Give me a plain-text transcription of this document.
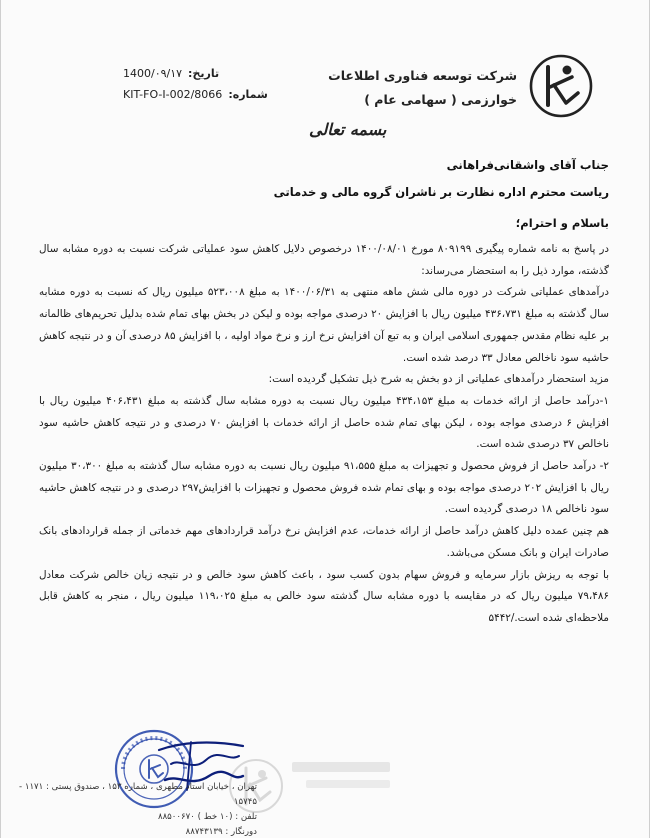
شرکت توسعه فناوری اطلاعات
خوارزمی ( سهامی عام )
تاریخ:
1400/۰۹/۱۷
شماره:
KIT-FO-I-002/8066
بسمه تعالی
جناب آقای واشقانی‌فراهانی
ریاست محترم اداره نظارت بر ناشران گروه مالی و خدماتی
باسلام و احترام؛

در پاسخ به نامه شماره پیگیری ۸۰۹۱۹۹ مورخ ۱۴۰۰/۰۸/۰۱ درخصوص دلایل کاهش سود عملیاتی شرکت نسبت به دوره مشابه سال گذشته، موارد ذیل را به استحضار می‌رساند:

درآمدهای عملیاتی شرکت در دوره مالی شش ماهه منتهی به ۱۴۰۰/۰۶/۳۱ به مبلغ ۵۲۳،۰۰۸ میلیون ریال که نسبت به دوره مشابه سال گذشته به مبلغ ۴۳۶،۷۳۱ میلیون ریال با افزایش ۲۰ درصدی مواجه بوده و لیکن در بخش بهای تمام شده بدلیل تحریم‌های ظالمانه بر علیه نظام مقدس جمهوری اسلامی ایران و به تبع آن افزایش نرخ ارز و نرخ مواد اولیه ، با افزایش ۸۵ درصدی آن و در نتیجه کاهش حاشیه سود ناخالص معادل ۳۳ درصد شده است.

مزید استحضار درآمدهای عملیاتی از دو بخش به شرح ذیل تشکیل گردیده است:

۱-درآمد حاصل از ارائه خدمات به مبلغ ۴۳۴،۱۵۳ میلیون ریال نسبت به دوره مشابه سال گذشته به مبلغ ۴۰۶،۴۳۱ میلیون ریال با افزایش ۶ درصدی مواجه بوده ، لیکن بهای تمام شده حاصل از ارائه خدمات با افزایش ۷۰ درصدی و در نتیجه کاهش حاشیه سود ناخالص ۳۷ درصدی شده است.

۲- درآمد حاصل از فروش محصول و تجهیزات به مبلغ ۹۱،۵۵۵ میلیون ریال نسبت به دوره مشابه سال گذشته به مبلغ ۳۰،۳۰۰ میلیون ریال با افزایش ۲۰۲ درصدی مواجه بوده و بهای تمام شده فروش محصول و تجهیزات با افزایش۲۹۷ درصدی و در نتیجه کاهش حاشیه سود ناخالص ۱۸ درصدی گردیده است.

هم چنین عمده دلیل کاهش درآمد حاصل از ارائه خدمات، عدم افزایش نرخ درآمد قراردادهای مهم خدماتی از جمله قراردادهای بانک صادرات ایران و بانک مسکن می‌باشد.

با توجه به ریزش بازار سرمایه و فروش سهام بدون کسب سود ، باعث کاهش سود خالص و در نتیجه زیان خالص شرکت معادل ۷۹،۴۸۶ میلیون ریال که در مقایسه با دوره مشابه سال گذشته سود خالص به مبلغ ۱۱۹،۰۲۵ میلیون ریال ، منجر به کاهش قابل ملاحظه‌ای شده است./۵۴۴۲

تهران ، خیابان استاد مطهری ، شماره ۱۵۳ ، صندوق پستی : ۱۱۷۱ - ۱۵۷۴۵
تلفن : (۱۰ خط ) ۸۸۵۰۰۶۷۰
دورنگار : ۸۸۷۴۳۱۳۹
